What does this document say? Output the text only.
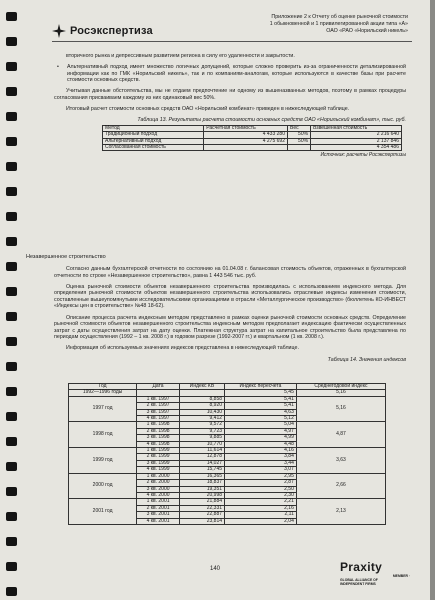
Росэкспертиза
Приложение 2 к Отчету об оценке рыночной стоимости
1 обыкновенной и 1 привилегированной акции типа «А»
ОАО «РАО «Норильский никель»

вторичного рынка и депрессивным развитием региона в силу его удаленности и закрытости.

• Альтернативный подход имеет множество логичных допущений, которые сложно проверить из-за ограниченности детализированной информации как по ГМК «Норильский никель», так и по компаниям-аналогам, которые используются в качестве базы при расчете стоимости основных средств.

Учитывая данные обстоятельства, мы не отдаем предпочтение ни одному из вышеназванных методов, поэтому в рамках процедуры согласования присваиваем каждому из них одинаковый вес 50%.

Итоговый расчет стоимости основных средств ОАО «Норильский комбинат» приведен в нижеследующей таблице.

Таблица 13. Результаты расчета стоимости основных средств ОАО «Норильский комбинат», тыс. руб.
Метод	Расчетная стоимость	Вес	Взвешенная стоимость
Традиционный подход	4 433 280	50%	2 216 640
Альтернативный подход	4 275 692	50%	2 137 846
Согласованная стоимость			4 354 486
Источник: расчеты Росэкспертизы
Незавершенное строительство

Согласно данным бухгалтерской отчетности по состоянию на 01.04.08 г. балансовая стоимость объектов, отраженных в бухгалтерской отчетности по строке «Незавершенное строительство», равна 1 443 546 тыс. руб.

Оценка рыночной стоимости объектов незавершенного строительства производилась с использованием индексного метода. Для определения рыночной стоимости объектов незавершенного строительства использовались отраслевые индексы изменения стоимости, составленные вышеупомянутыми исследовательскими организациями в отрасли «Металлургическое производство» (бюллетень КО-ИНВЕСТ «Индексы цен в строительстве» №48 18-62).

Описание процесса расчета индексным методом представлено в рамках оценки рыночной стоимости основных средств. Определение рыночной стоимости объектов незавершенного строительства индексным методом предполагает индексацию фактически осуществленных затрат с даты осуществления затрат на дату оценки. Платежная структура затрат на капитальное строительство была представлена по периодам осуществления (1992 – 1 кв. 2008 г.) в годовом разрезе (1992-2007 гг.) и квартальном (1 кв. 2008 г.).

Информация об используемых значениях индексов представлена в нижеследующей таблице.

Таблица 14. Значения индексов
Год	Дата	Индекс КВ	Индекс пересчета	Среднегодовой индекс
1992—1996 годы			5,45	5,16
1997 год	1 кв. 1997	8,858	5,41	5,16
	2 кв. 1997	8,920	5,41	
	3 кв. 1997	10,430	4,63	
	4 кв. 1997	9,412	5,12	
1998 год	1 кв. 1998	9,572	5,04	4,87
	2 кв. 1998	9,723	4,97	
	3 кв. 1998	9,885	4,99	
	4 кв. 1998	10,770	4,48	
1999 год	1 кв. 1999	11,614	4,16	3,63
	2 кв. 1999	12,878	3,84	
	3 кв. 1999	14,027	3,44	
	4 кв. 1999	15,745	3,07	
2000 год	1 кв. 2000	16,365	2,95	2,66
	2 кв. 2000	18,837	2,87	
	3 кв. 2000	19,351	2,50	
	4 кв. 2000	20,998	2,30	
2001 год	1 кв. 2001	21,884	2,21	2,13
	2 кв. 2001	22,331	2,16	
	3 кв. 2001	22,887	2,11	
	4 кв. 2001	23,814	2,04	
140	Praxity
MEMBER ·
GLOBAL ALLIANCE OF
INDEPENDENT FIRMS
